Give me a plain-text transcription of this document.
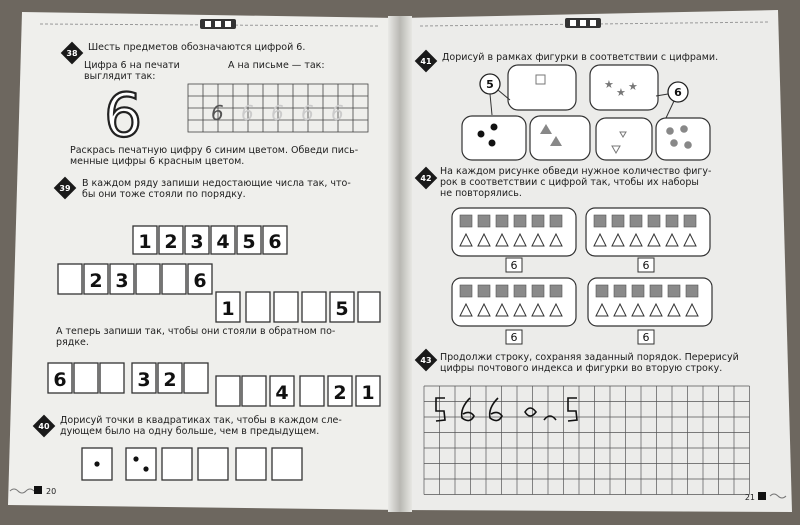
38
Шесть предметов обозначаются цифрой 6.
Цифра 6 на печати
выглядит так:
А на письме — так:
6	6 6 6 6 6
Раскрась печатную цифру 6 синим цветом. Обведи пись-
менные цифры 6 красным цветом.
39 В каждом ряду запиши недостающие числа так, что-
бы они тоже стояли по порядку.
1 2 3 4 5 6
2 3	6
1	5
А теперь запиши так, чтобы они стояли в обратном по-
рядке.
6	3 2
4 2 1
40
Дорисуй точки в квадратиках так, чтобы в каждом сле-
дующем было на одну больше, чем в предыдущем.
20
41 Дорисуй в рамках фигурки в соответствии с цифрами.
5	★
★ ★	6
42
На каждом рисунке обведи нужное количество фигу-
рок в соответствии с цифрой так, чтобы их наборы
не повторялись.
6	6
6	6
43 Продолжи строку, сохраняя заданный порядок. Перерисуй
цифры почтового индекса и фигурки во вторую строку.
21
